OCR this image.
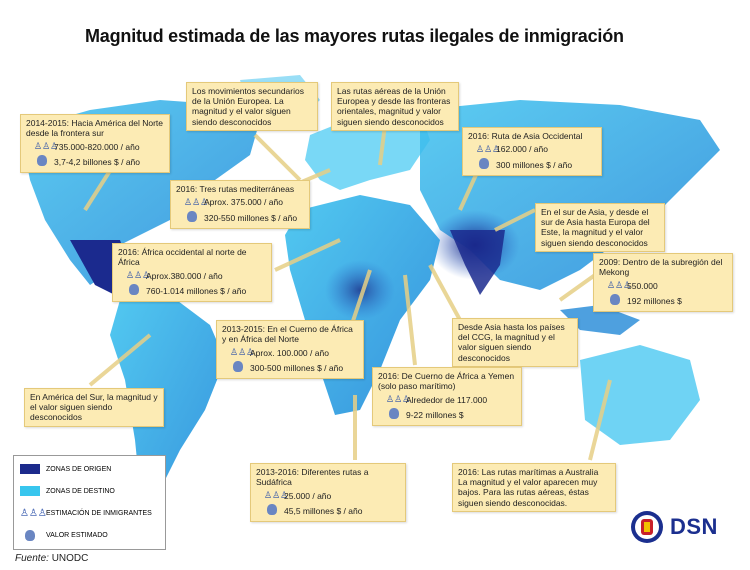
Magnitud estimada de las mayores rutas ilegales de inmigración
2014-2015: Hacia América del Norte desde la frontera sur
♙♙♙
735.000-820.000 / año
3,7-4,2 billones $ / año
Los movimientos secundarios de la Unión Europea. La magnitud y el valor siguen siendo desconocidos
Las rutas aéreas de la Unión Europea y desde las fronteras orientales, magnitud y valor siguen siendo desconocidos
2016: Ruta de Asia Occidental
♙♙♙
162.000 / año
300 millones $ / año
2016: Tres rutas mediterráneas
♙♙♙
Aprox. 375.000 / año
320-550 millones $ / año
En el sur de Asia, y desde el sur de Asia hasta Europa del Este, la magnitud y el valor siguen siendo desconocidos
2016: África occidental al norte de África
♙♙♙
Aprox.380.000 / año
760-1.014 millones $ / año
2009: Dentro de la subregión del Mekong
♙♙♙
550.000
192 millones $
2013-2015: En el Cuerno de África y en África del Norte
♙♙♙
Aprox. 100.000 / año
300-500 millones $ / año
Desde Asia hasta los países del CCG, la magnitud y el valor siguen siendo desconocidos
En América del Sur, la magnitud y el valor siguen siendo desconocidos
2016: De Cuerno de África a Yemen (solo paso marítimo)
♙♙♙
Alrededor de 117.000
9-22 millones $
2013-2016: Diferentes rutas a Sudáfrica
♙♙♙
25.000 / año
45,5 millones $ / año
2016: Las rutas marítimas a Australia La magnitud y el valor aparecen muy bajos. Para las rutas aéreas, éstas siguen siendo desconocidas.
ZONAS DE ORIGEN
ZONAS DE DESTINO
♙♙♙ ESTIMACIÓN DE INMIGRANTES
VALOR ESTIMADO
Fuente: UNODC
DSN
